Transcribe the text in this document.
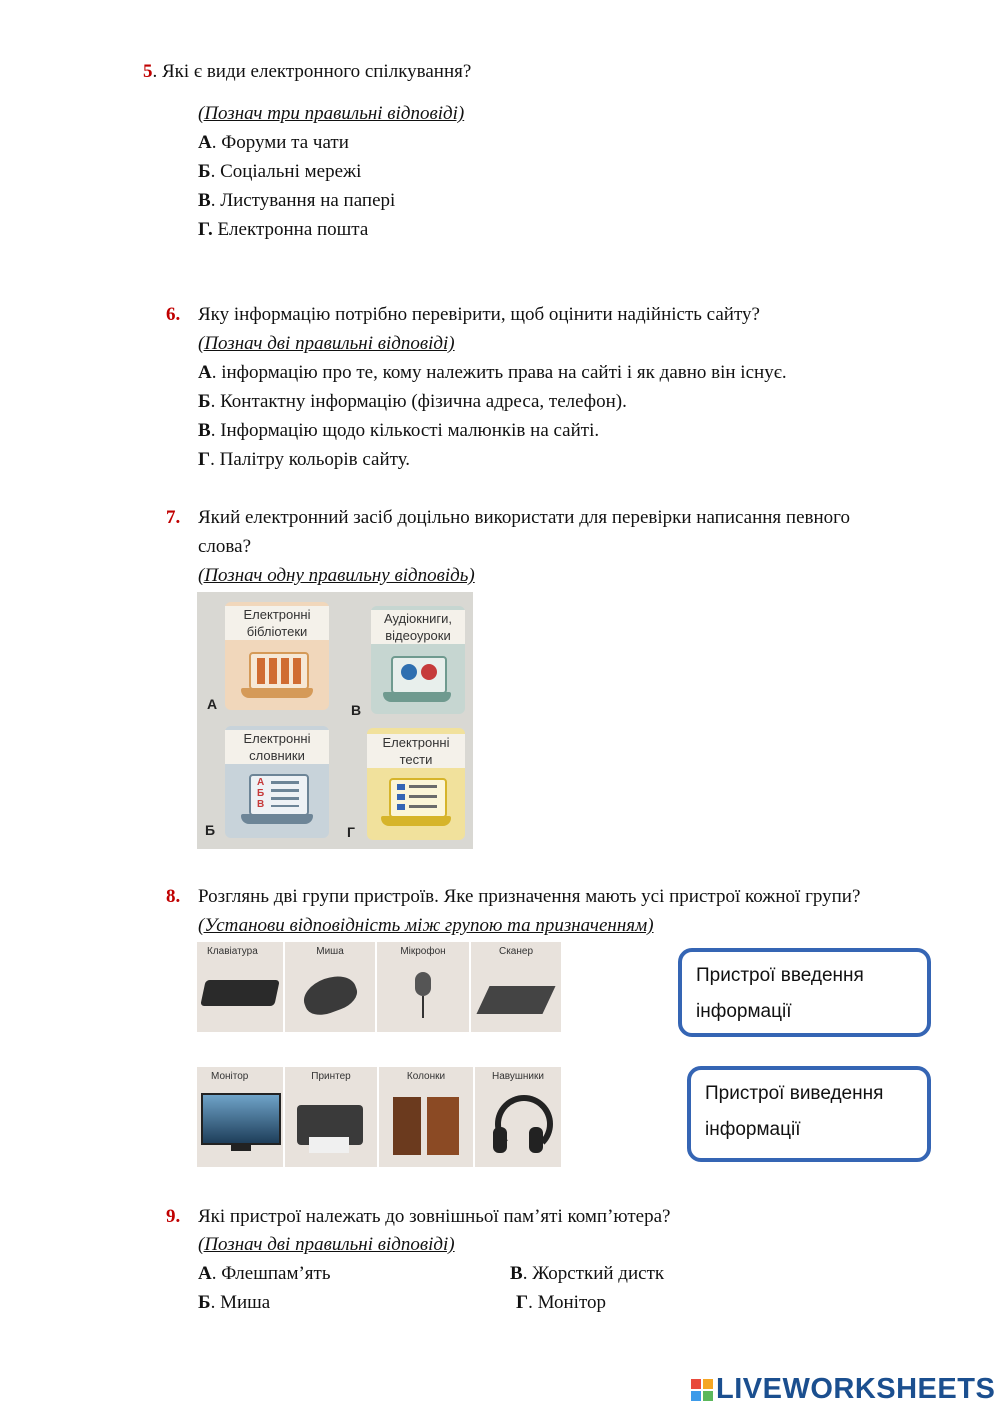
5. Які є види електронного спілкування?
(Познач три правильні відповіді)
А. Форуми та чати
Б. Соціальні мережі
В. Листування на папері
Г. Електронна пошта
6. Яку інформацію потрібно перевірити, щоб оцінити надійність сайту?
(Познач дві правильні відповіді)
А. інформацію про те, кому належить права на сайті і як давно він існує.
Б. Контактну інформацію (фізична адреса, телефон).
В. Інформацію щодо кількості малюнків на сайті.
Г. Палітру кольорів сайту.
7. Який електронний засіб доцільно використати для перевірки написання певного
слова?
(Познач одну правильну відповідь)
Електронні
бібліотеки
А
Аудіокниги,
відеоуроки
В
Електронні
словники
А
Б
В
Б
Електронні
тести
Г
8. Розглянь дві групи пристроїв. Яке призначення мають усі пристрої кожної групи?
(Установи відповідність між групою та призначенням)
Клавіатура	Миша	Мікрофон	Сканер
Пристрої введення
інформації
Монітор	Принтер	Колонки	Навушники
Пристрої виведення
інформації
9. Які пристрої належать до зовнішньої пам’яті комп’ютера?
(Познач дві правильні відповіді)
А. Флешпам’ять	В. Жорсткий дистк
Б. Миша	Г. Монітор
LIVEWORKSHEETS
